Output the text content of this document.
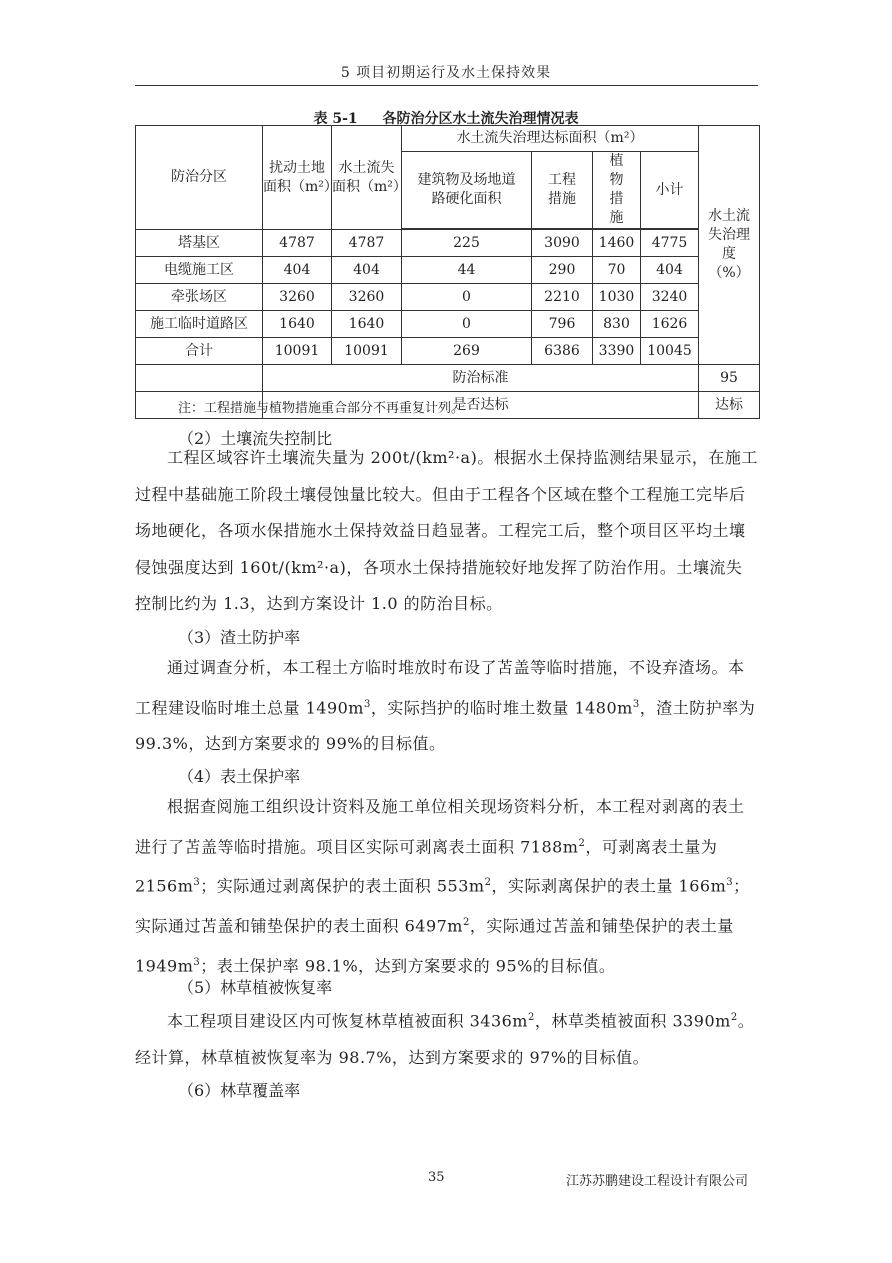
5 项目初期运行及水土保持效果
表 5-1 各防治分区水土流失治理情况表
防治分区	扰动土地面积（m²）	水土流失面积（m²）	水土流失治理达标面积（m²）				水土流失治理度（%）
			建筑物及场地道路硬化面积	工程措施	植物措施	小计	

塔基区	4787	4787	225	3090	1460	4775	
电缆施工区	404	404	44	290	70	404	
牵张场区	3260	3260	0	2210	1030	3240	
施工临时道路区	1640	1640	0	796	830	1626	
合计	10091	10091	269	6386	3390	10045	
	防治标准						95
	是否达标						达标
注：工程措施与植物措施重合部分不再重复计列。

（2）土壤流失控制比

工程区域容许土壤流失量为 200t/(km²·a)。根据水土保持监测结果显示，在施工过程中基础施工阶段土壤侵蚀量比较大。但由于工程各个区域在整个工程施工完毕后场地硬化，各项水保措施水土保持效益日趋显著。工程完工后，整个项目区平均土壤侵蚀强度达到 160t/(km²·a)，各项水土保持措施较好地发挥了防治作用。土壤流失控制比约为 1.3，达到方案设计 1.0 的防治目标。

（3）渣土防护率

通过调查分析，本工程土方临时堆放时布设了苫盖等临时措施，不设弃渣场。本工程建设临时堆土总量 $1490m^3$，实际挡护的临时堆土数量 $1480m^3$，渣土防护率为 99.3%，达到方案要求的 99%的目标值。

（4）表土保护率

根据查阅施工组织设计资料及施工单位相关现场资料分析，本工程对剥离的表土进行了苫盖等临时措施。项目区实际可剥离表土面积 $7188m^2$，可剥离表土量为 $2156m^3$；实际通过剥离保护的表土面积 $553m^2$，实际剥离保护的表土量 $166m^3$；实际通过苫盖和铺垫保护的表土面积 $6497m^2$，实际通过苫盖和铺垫保护的表土量 $1949m^3$；表土保护率 98.1%，达到方案要求的 95%的目标值。

（5）林草植被恢复率

本工程项目建设区内可恢复林草植被面积 $3436m^2$，林草类植被面积 $3390m^2$。经计算，林草植被恢复率为 98.7%，达到方案要求的 97%的目标值。

（6）林草覆盖率

35	江苏苏鹏建设工程设计有限公司
